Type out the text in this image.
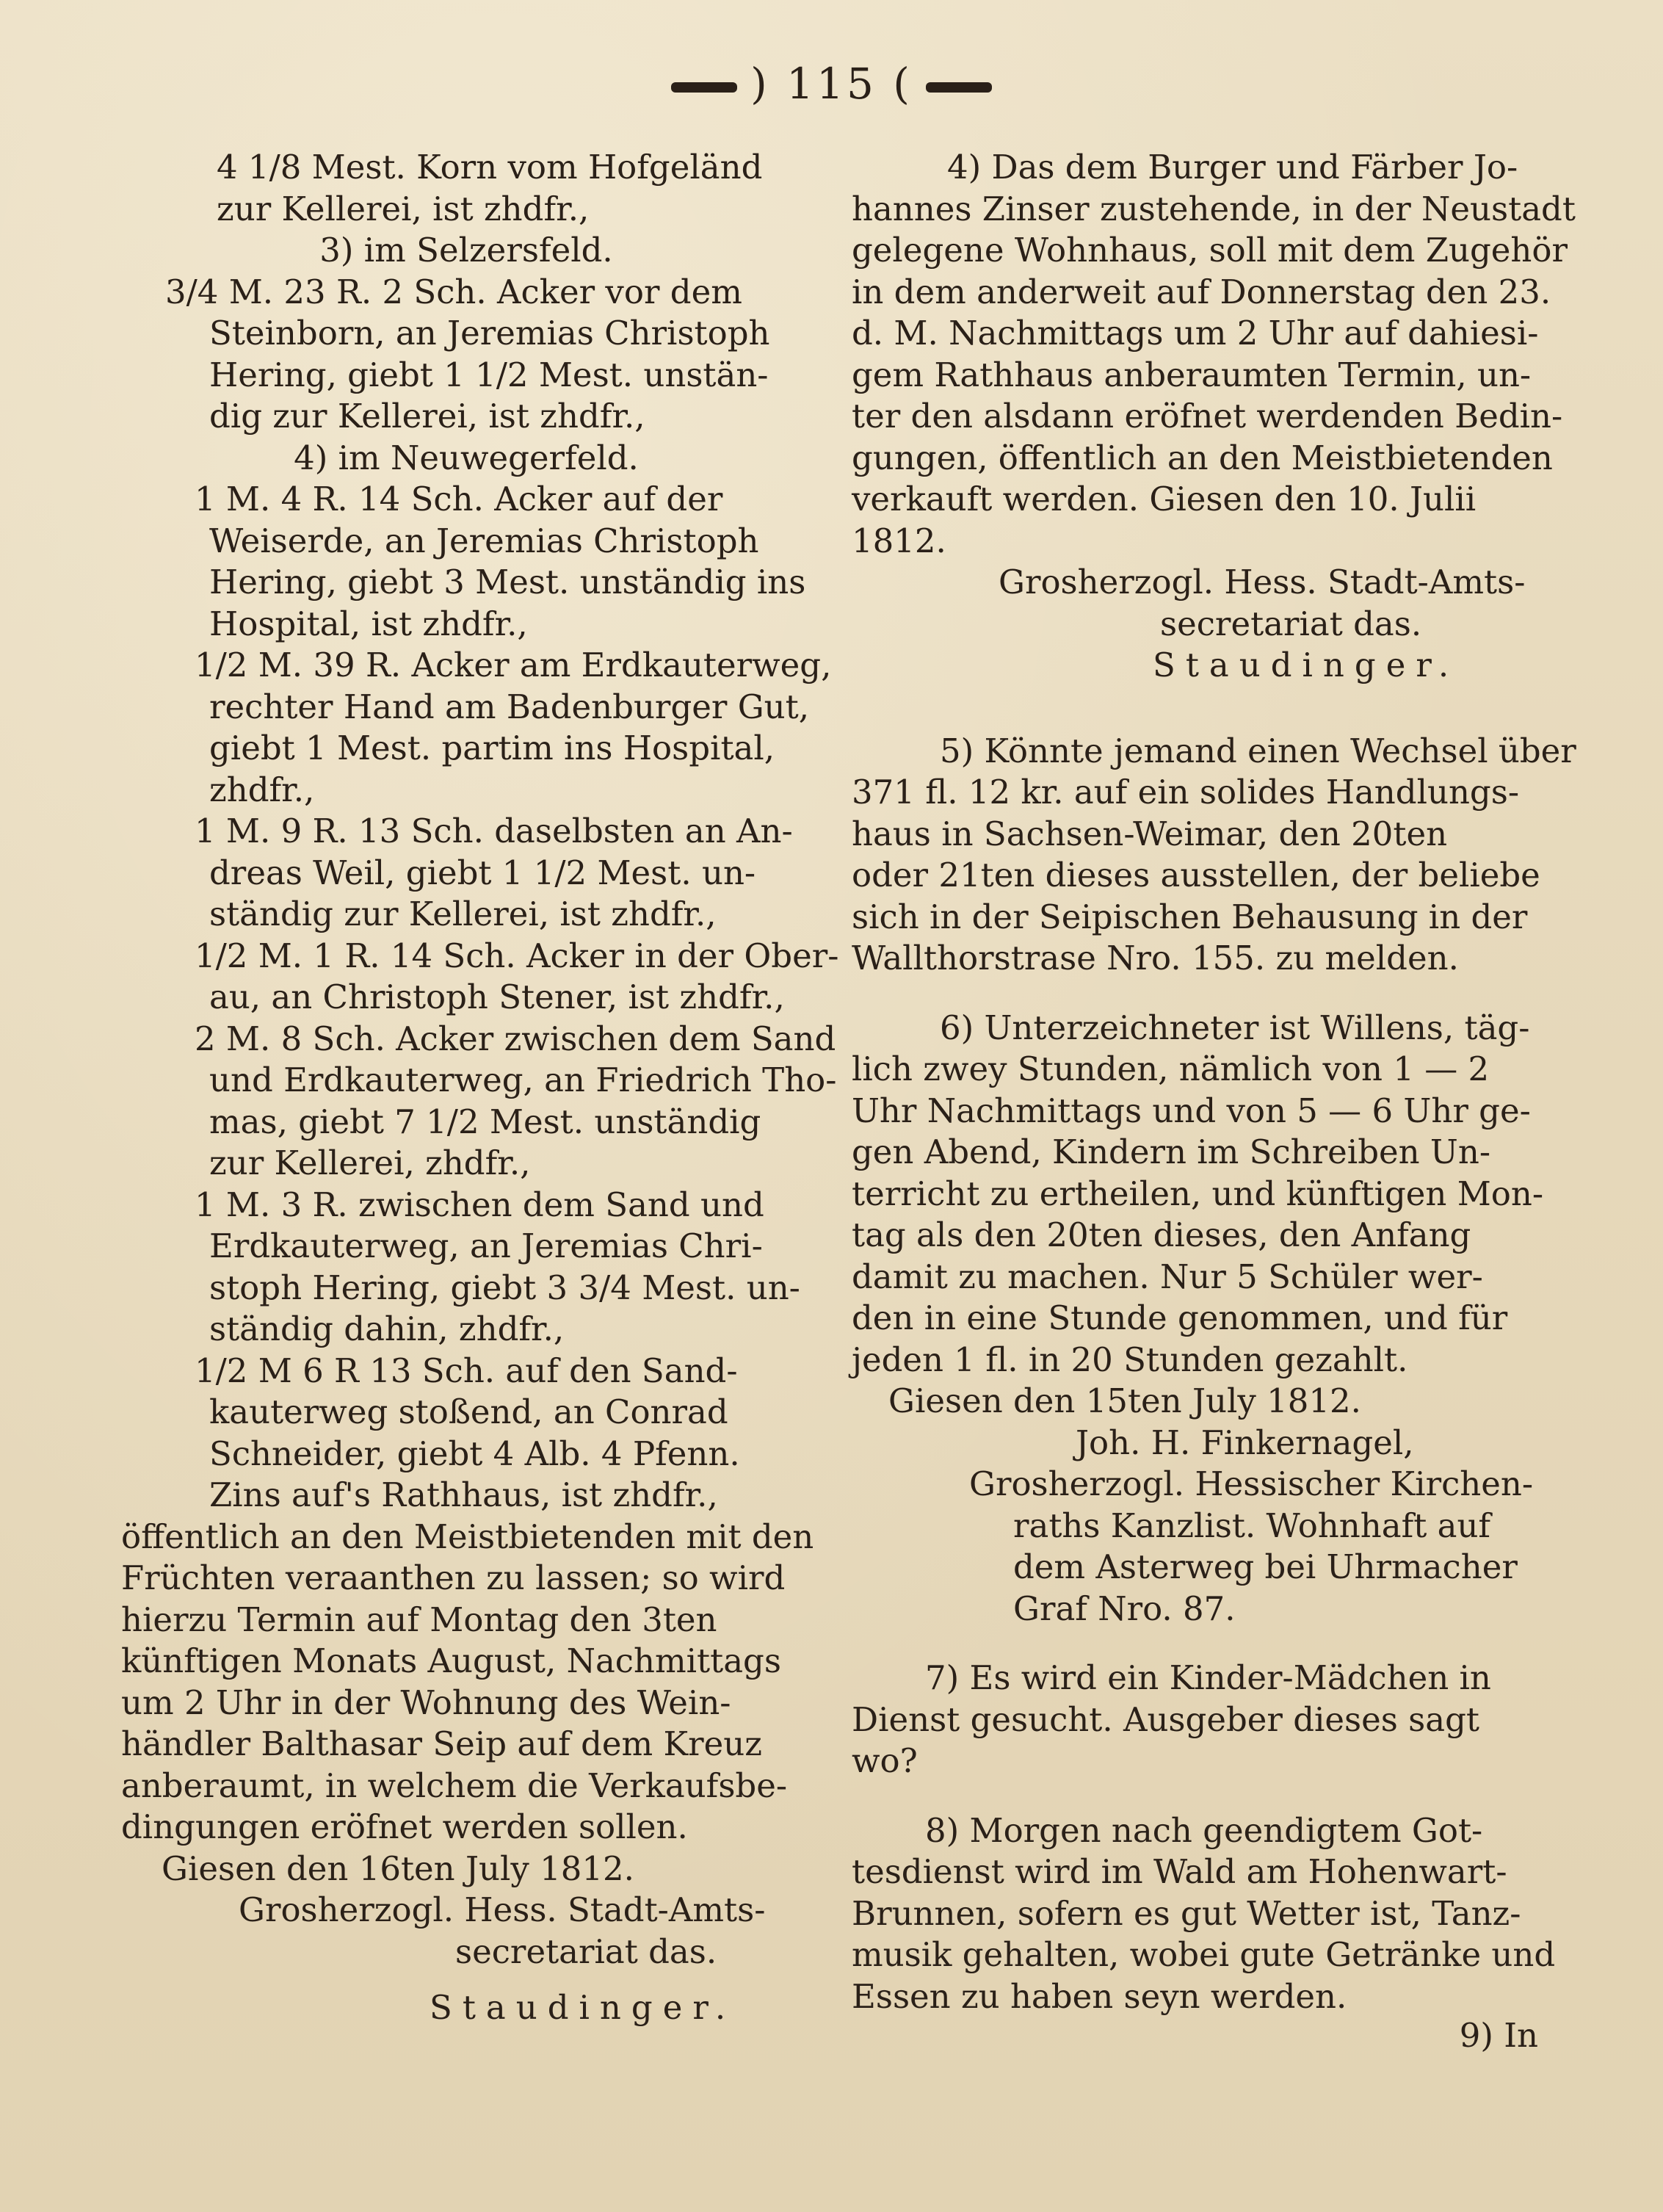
) 115 (

4 1/8 Mest. Korn vom Hofgeländ

zur Kellerei, ist zhdfr.,

3) im Selzersfeld.

3/4 M. 23 R. 2 Sch. Acker vor dem

Steinborn, an Jeremias Christoph

Hering, giebt 1 1/2 Mest. unstän-

dig zur Kellerei, ist zhdfr.,

4) im Neuwegerfeld.

1 M. 4 R. 14 Sch. Acker auf der

Weiserde, an Jeremias Christoph

Hering, giebt 3 Mest. unständig ins

Hospital, ist zhdfr.,

1/2 M. 39 R. Acker am Erdkauterweg,

rechter Hand am Badenburger Gut,

giebt 1 Mest. partim ins Hospital,

zhdfr.,

1 M. 9 R. 13 Sch. daselbsten an An-

dreas Weil, giebt 1 1/2 Mest. un-

ständig zur Kellerei, ist zhdfr.,

1/2 M. 1 R. 14 Sch. Acker in der Ober-

au, an Christoph Stener, ist zhdfr.,

2 M. 8 Sch. Acker zwischen dem Sand

und Erdkauterweg, an Friedrich Tho-

mas, giebt 7 1/2 Mest. unständig

zur Kellerei, zhdfr.,

1 M. 3 R. zwischen dem Sand und

Erdkauterweg, an Jeremias Chri-

stoph Hering, giebt 3 3/4 Mest. un-

ständig dahin, zhdfr.,

1/2 M 6 R 13 Sch. auf den Sand-

kauterweg stoßend, an Conrad

Schneider, giebt 4 Alb. 4 Pfenn.

Zins auf's Rathhaus, ist zhdfr.,

öffentlich an den Meistbietenden mit den

Früchten veraanthen zu lassen; so wird

hierzu Termin auf Montag den 3ten

künftigen Monats August, Nachmittags

um 2 Uhr in der Wohnung des Wein-

händler Balthasar Seip auf dem Kreuz

anberaumt, in welchem die Verkaufsbe-

dingungen eröfnet werden sollen.

Giesen den 16ten July 1812.

Grosherzogl. Hess. Stadt-Amts-

secretariat das.

Staudinger.

4) Das dem Burger und Färber Jo-

hannes Zinser zustehende, in der Neustadt

gelegene Wohnhaus, soll mit dem Zugehör

in dem anderweit auf Donnerstag den 23.

d. M. Nachmittags um 2 Uhr auf dahiesi-

gem Rathhaus anberaumten Termin, un-

ter den alsdann eröfnet werdenden Bedin-

gungen, öffentlich an den Meistbietenden

verkauft werden. Giesen den 10. Julii

1812.

Grosherzogl. Hess. Stadt-Amts-

secretariat das.

Staudinger.

5) Könnte jemand einen Wechsel über

371 fl. 12 kr. auf ein solides Handlungs-

haus in Sachsen-Weimar, den 20ten

oder 21ten dieses ausstellen, der beliebe

sich in der Seipischen Behausung in der

Wallthorstrase Nro. 155. zu melden.

6) Unterzeichneter ist Willens, täg-

lich zwey Stunden, nämlich von 1 — 2

Uhr Nachmittags und von 5 — 6 Uhr ge-

gen Abend, Kindern im Schreiben Un-

terricht zu ertheilen, und künftigen Mon-

tag als den 20ten dieses, den Anfang

damit zu machen. Nur 5 Schüler wer-

den in eine Stunde genommen, und für

jeden 1 fl. in 20 Stunden gezahlt.

Giesen den 15ten July 1812.

Joh. H. Finkernagel,

Grosherzogl. Hessischer Kirchen-

raths Kanzlist. Wohnhaft auf

dem Asterweg bei Uhrmacher

Graf Nro. 87.

7) Es wird ein Kinder-Mädchen in

Dienst gesucht. Ausgeber dieses sagt

wo?

8) Morgen nach geendigtem Got-

tesdienst wird im Wald am Hohenwart-

Brunnen, sofern es gut Wetter ist, Tanz-

musik gehalten, wobei gute Getränke und

Essen zu haben seyn werden.

9) In
